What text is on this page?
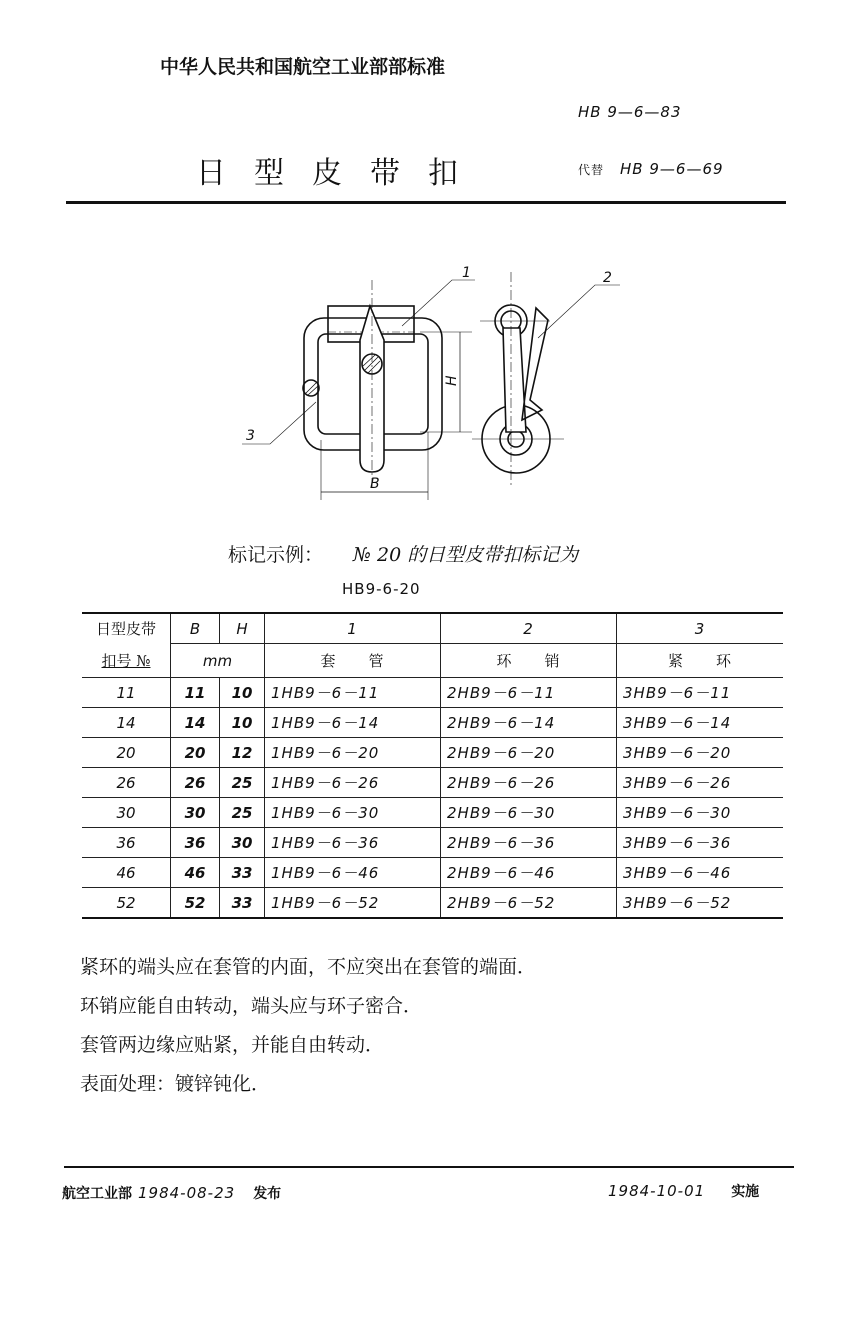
中华人民共和国航空工业部部标准
HB 9—6—83
日型皮带扣	代替 HB 9—6—69
1	2
3
B
H
标记示例： № 20 的日型皮带扣标记为
HB9-6-20
日型皮带	B	H	1	2	3
扣号 №	mm		套　　管	环　　销	紧　　环
11	11	10	1HB9－6－11	2HB9－6－11	3HB9－6－11
14	14	10	1HB9－6－14	2HB9－6－14	3HB9－6－14
20	20	12	1HB9－6－20	2HB9－6－20	3HB9－6－20
26	26	25	1HB9－6－26	2HB9－6－26	3HB9－6－26
30	30	25	1HB9－6－30	2HB9－6－30	3HB9－6－30
36	36	30	1HB9－6－36	2HB9－6－36	3HB9－6－36
46	46	33	1HB9－6－46	2HB9－6－46	3HB9－6－46
52	52	33	1HB9－6－52	2HB9－6－52	3HB9－6－52
紧环的端头应在套管的内面，不应突出在套管的端面．
环销应能自由转动，端头应与环子密合．
套管两边缘应贴紧，并能自由转动．
表面处理：镀锌钝化．
航空工业部 1984-08-23 发布	1984-10-01 实施
